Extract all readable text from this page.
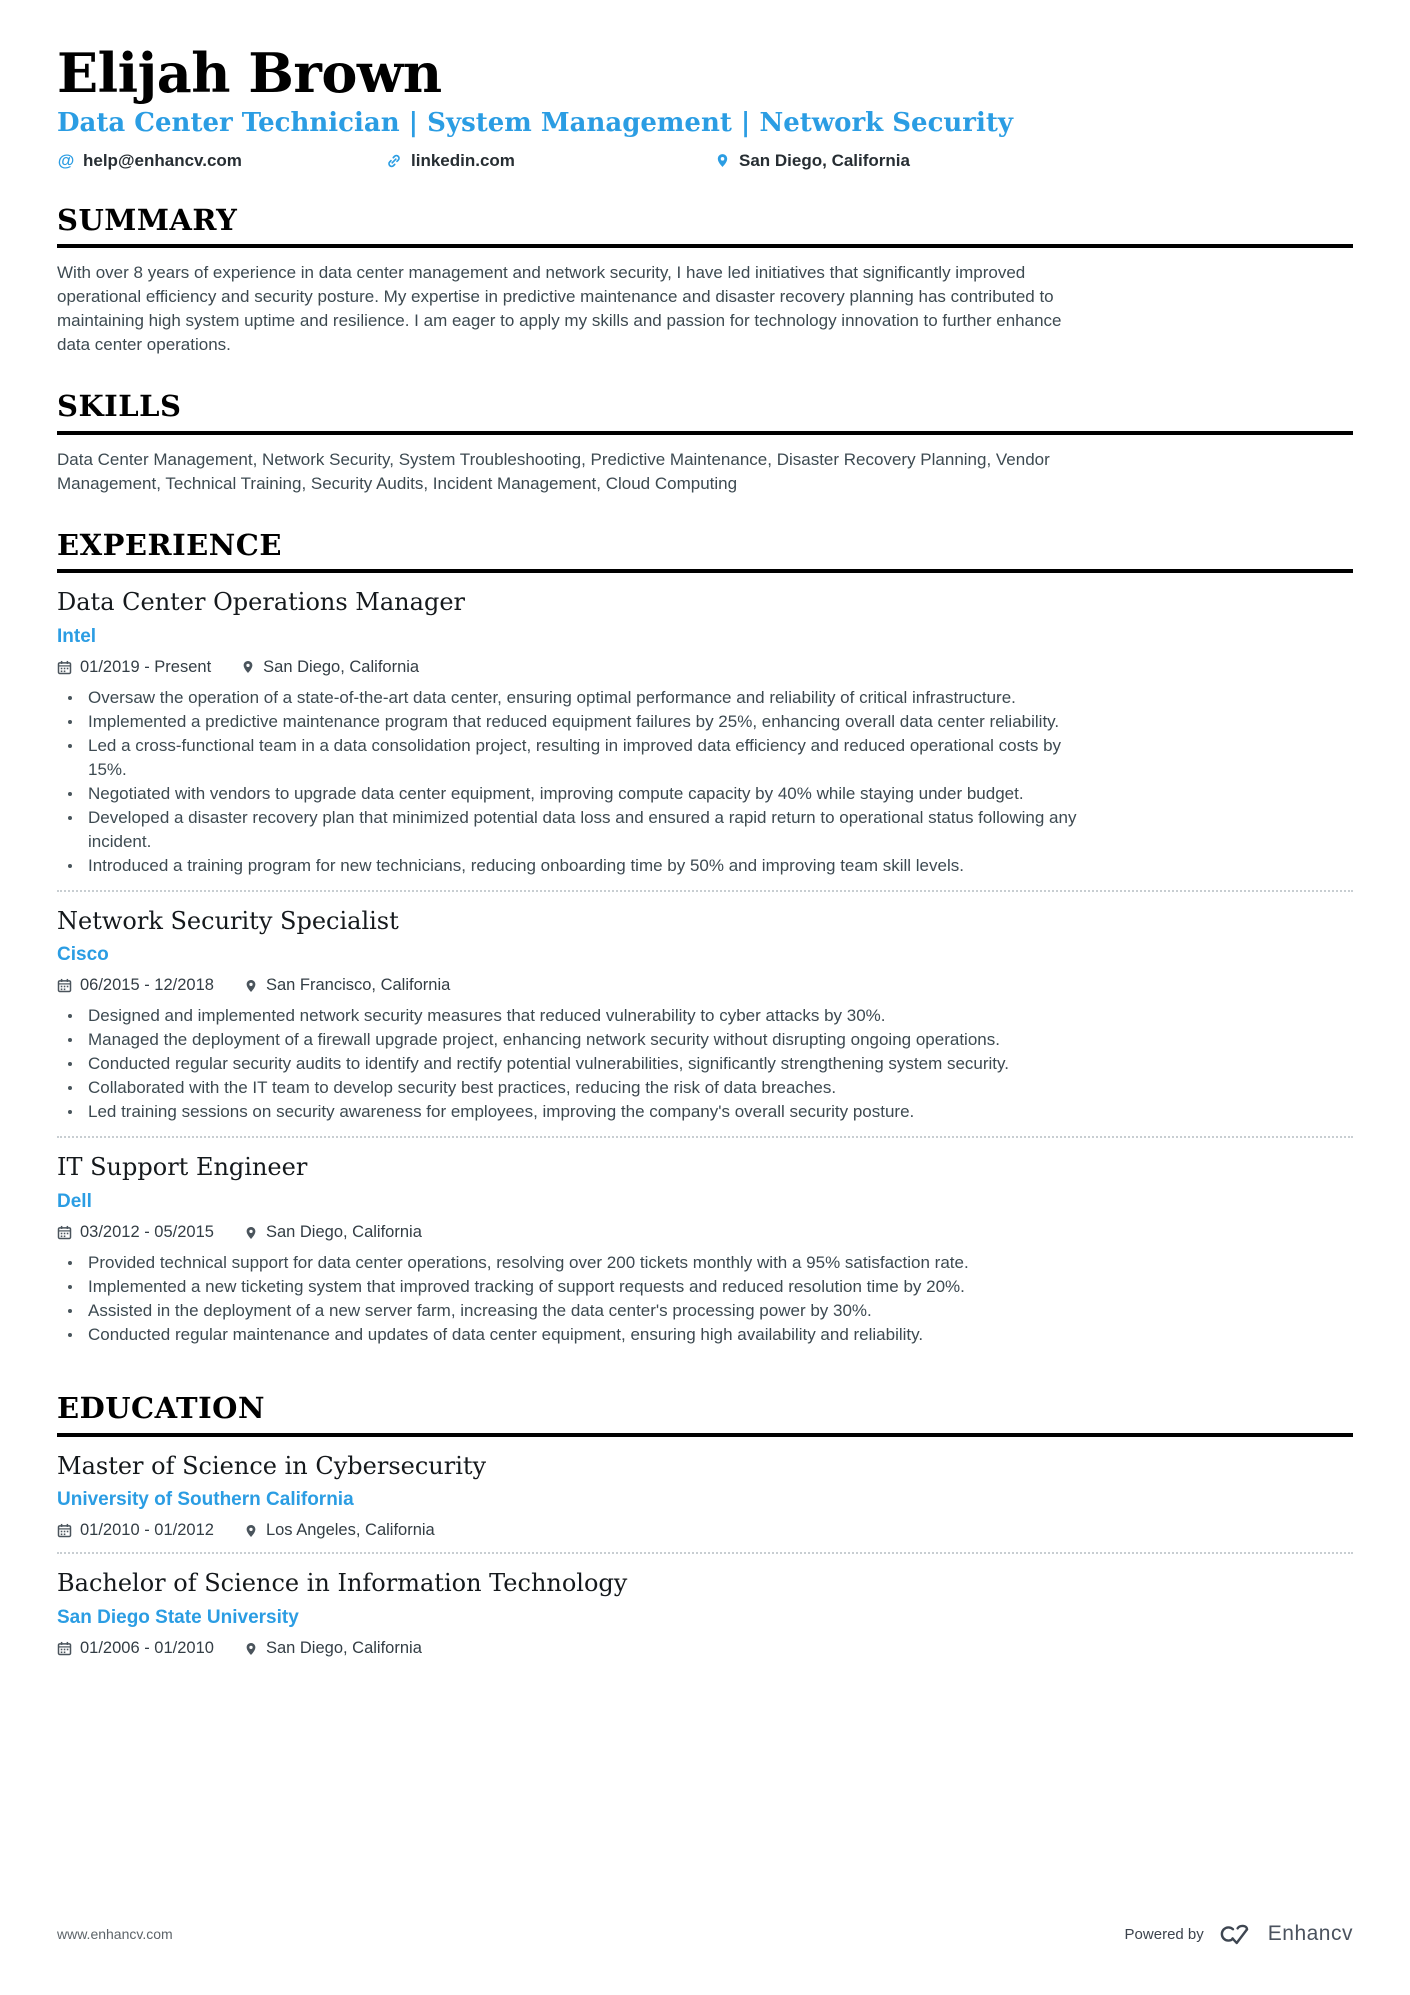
Elijah Brown
Data Center Technician | System Management | Network Security
@ help@enhancv.com	linkedin.com	San Diego, California
SUMMARY

With over 8 years of experience in data center management and network security, I have led initiatives that significantly improved operational efficiency and security posture. My expertise in predictive maintenance and disaster recovery planning has contributed to maintaining high system uptime and resilience. I am eager to apply my skills and passion for technology innovation to further enhance data center operations.

SKILLS

Data Center Management, Network Security, System Troubleshooting, Predictive Maintenance, Disaster Recovery Planning, Vendor Management, Technical Training, Security Audits, Incident Management, Cloud Computing

EXPERIENCE
Data Center Operations Manager
Intel
01/2019 - Present	San Diego, California
Oversaw the operation of a state-of-the-art data center, ensuring optimal performance and reliability of critical infrastructure.
Implemented a predictive maintenance program that reduced equipment failures by 25%, enhancing overall data center reliability.
Led a cross-functional team in a data consolidation project, resulting in improved data efficiency and reduced operational costs by 15%.
Negotiated with vendors to upgrade data center equipment, improving compute capacity by 40% while staying under budget.
Developed a disaster recovery plan that minimized potential data loss and ensured a rapid return to operational status following any incident.
Introduced a training program for new technicians, reducing onboarding time by 50% and improving team skill levels.
Network Security Specialist
Cisco
06/2015 - 12/2018	San Francisco, California
Designed and implemented network security measures that reduced vulnerability to cyber attacks by 30%.
Managed the deployment of a firewall upgrade project, enhancing network security without disrupting ongoing operations.
Conducted regular security audits to identify and rectify potential vulnerabilities, significantly strengthening system security.
Collaborated with the IT team to develop security best practices, reducing the risk of data breaches.
Led training sessions on security awareness for employees, improving the company's overall security posture.
IT Support Engineer
Dell
03/2012 - 05/2015	San Diego, California
Provided technical support for data center operations, resolving over 200 tickets monthly with a 95% satisfaction rate.
Implemented a new ticketing system that improved tracking of support requests and reduced resolution time by 20%.
Assisted in the deployment of a new server farm, increasing the data center's processing power by 30%.
Conducted regular maintenance and updates of data center equipment, ensuring high availability and reliability.
EDUCATION
Master of Science in Cybersecurity
University of Southern California
01/2010 - 01/2012	Los Angeles, California
Bachelor of Science in Information Technology
San Diego State University
01/2006 - 01/2010	San Diego, California
www.enhancv.com	Powered by	Enhancv
